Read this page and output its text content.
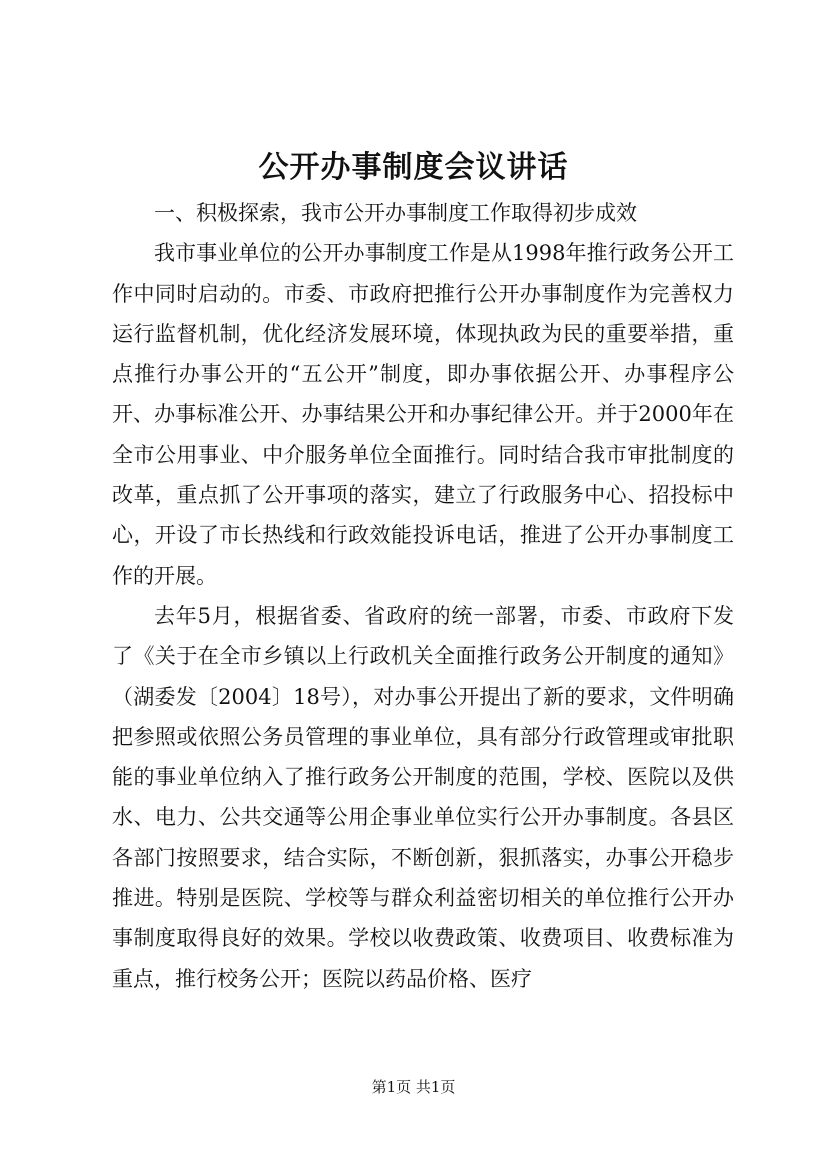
公开办事制度会议讲话

一、积极探索，我市公开办事制度工作取得初步成效

我市事业单位的公开办事制度工作是从1998年推行政务公开工作中同时启动的。市委、市政府把推行公开办事制度作为完善权力运行监督机制，优化经济发展环境，体现执政为民的重要举措，重点推行办事公开的“五公开”制度，即办事依据公开、办事程序公开、办事标准公开、办事结果公开和办事纪律公开。并于2000年在全市公用事业、中介服务单位全面推行。同时结合我市审批制度的改革，重点抓了公开事项的落实，建立了行政服务中心、招投标中心，开设了市长热线和行政效能投诉电话，推进了公开办事制度工作的开展。

去年5月，根据省委、省政府的统一部署，市委、市政府下发了《关于在全市乡镇以上行政机关全面推行政务公开制度的通知》（湖委发〔2004〕18号），对办事公开提出了新的要求，文件明确把参照或依照公务员管理的事业单位，具有部分行政管理或审批职能的事业单位纳入了推行政务公开制度的范围，学校、医院以及供水、电力、公共交通等公用企事业单位实行公开办事制度。各县区各部门按照要求，结合实际，不断创新，狠抓落实，办事公开稳步推进。特别是医院、学校等与群众利益密切相关的单位推行公开办事制度取得良好的效果。学校以收费政策、收费项目、收费标准为重点，推行校务公开；医院以药品价格、医疗

第1页 共1页
